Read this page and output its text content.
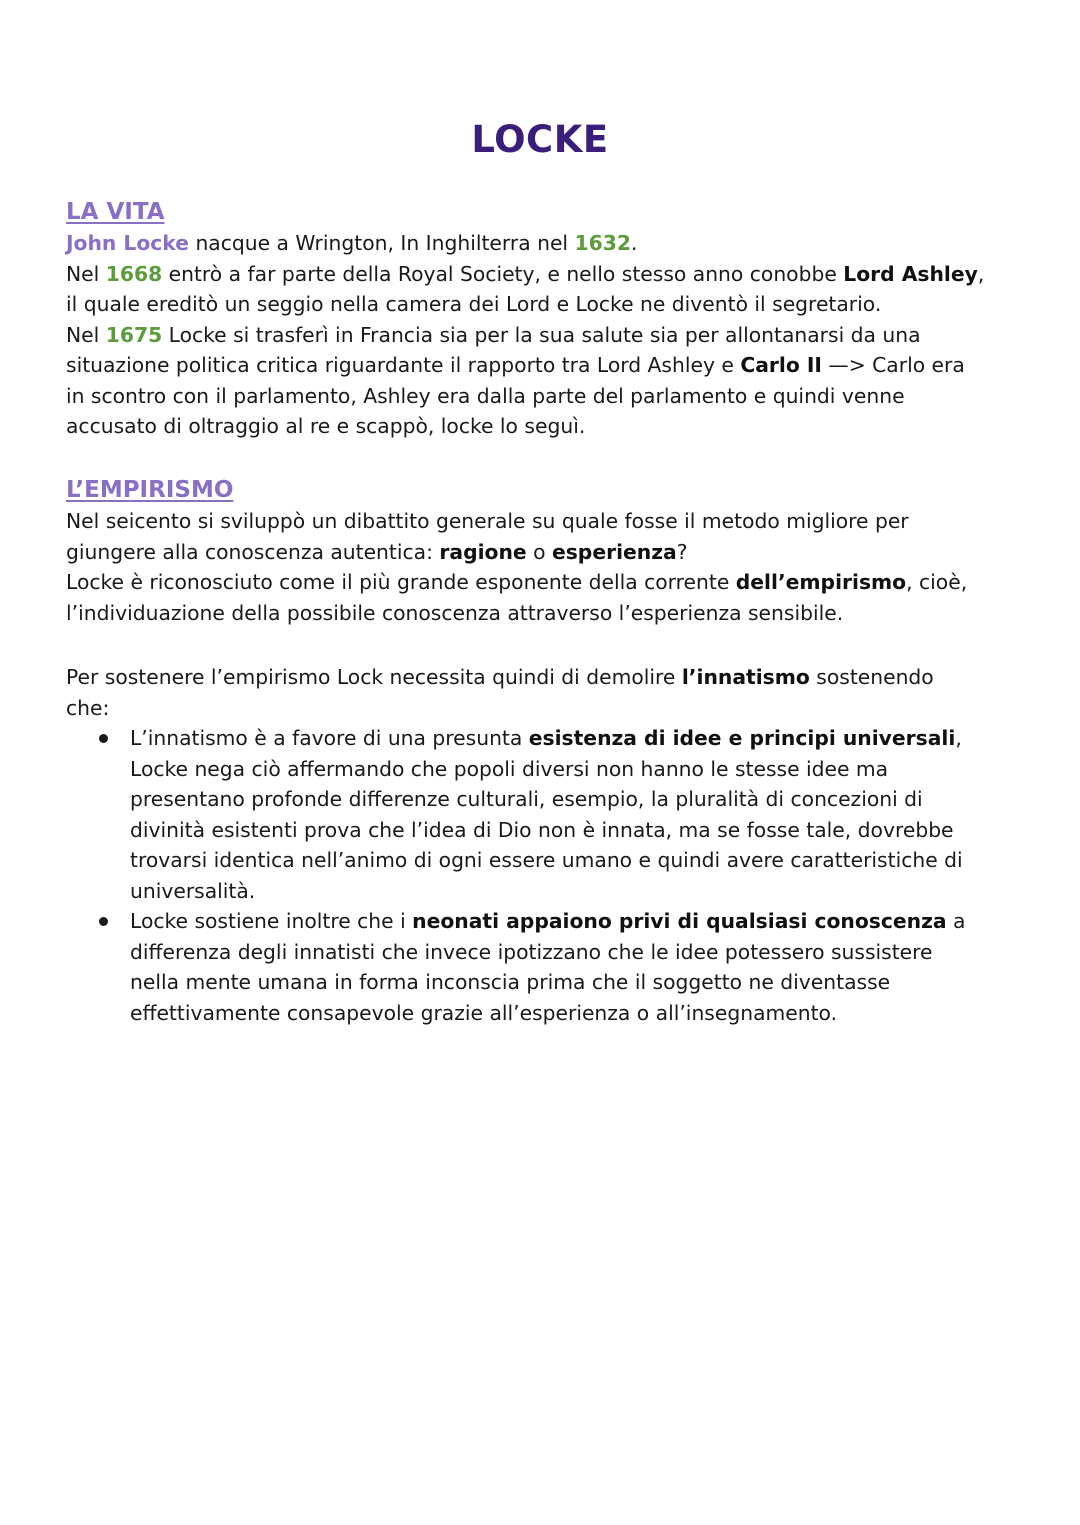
LOCKE
LA VITA

John Locke nacque a Wrington, In Inghilterra nel 1632.

Nel 1668 entrò a far parte della Royal Society, e nello stesso anno conobbe Lord Ashley,

il quale ereditò un seggio nella camera dei Lord e Locke ne diventò il segretario.

Nel 1675 Locke si trasferì in Francia sia per la sua salute sia per allontanarsi da una

situazione politica critica riguardante il rapporto tra Lord Ashley e Carlo II —> Carlo era

in scontro con il parlamento, Ashley era dalla parte del parlamento e quindi venne

accusato di oltraggio al re e scappò, locke lo seguì.

L’EMPIRISMO

Nel seicento si sviluppò un dibattito generale su quale fosse il metodo migliore per

giungere alla conoscenza autentica: ragione o esperienza?

Locke è riconosciuto come il più grande esponente della corrente dell’empirismo, cioè,

l’individuazione della possibile conoscenza attraverso l’esperienza sensibile.

Per sostenere l’empirismo Lock necessita quindi di demolire l’innatismo sostenendo

che:

L’innatismo è a favore di una presunta esistenza di idee e principi universali,

Locke nega ciò affermando che popoli diversi non hanno le stesse idee ma

presentano profonde differenze culturali, esempio, la pluralità di concezioni di

divinità esistenti prova che l’idea di Dio non è innata, ma se fosse tale, dovrebbe

trovarsi identica nell’animo di ogni essere umano e quindi avere caratteristiche di

universalità.

Locke sostiene inoltre che i neonati appaiono privi di qualsiasi conoscenza a

differenza degli innatisti che invece ipotizzano che le idee potessero sussistere

nella mente umana in forma inconscia prima che il soggetto ne diventasse

effettivamente consapevole grazie all’esperienza o all’insegnamento.
